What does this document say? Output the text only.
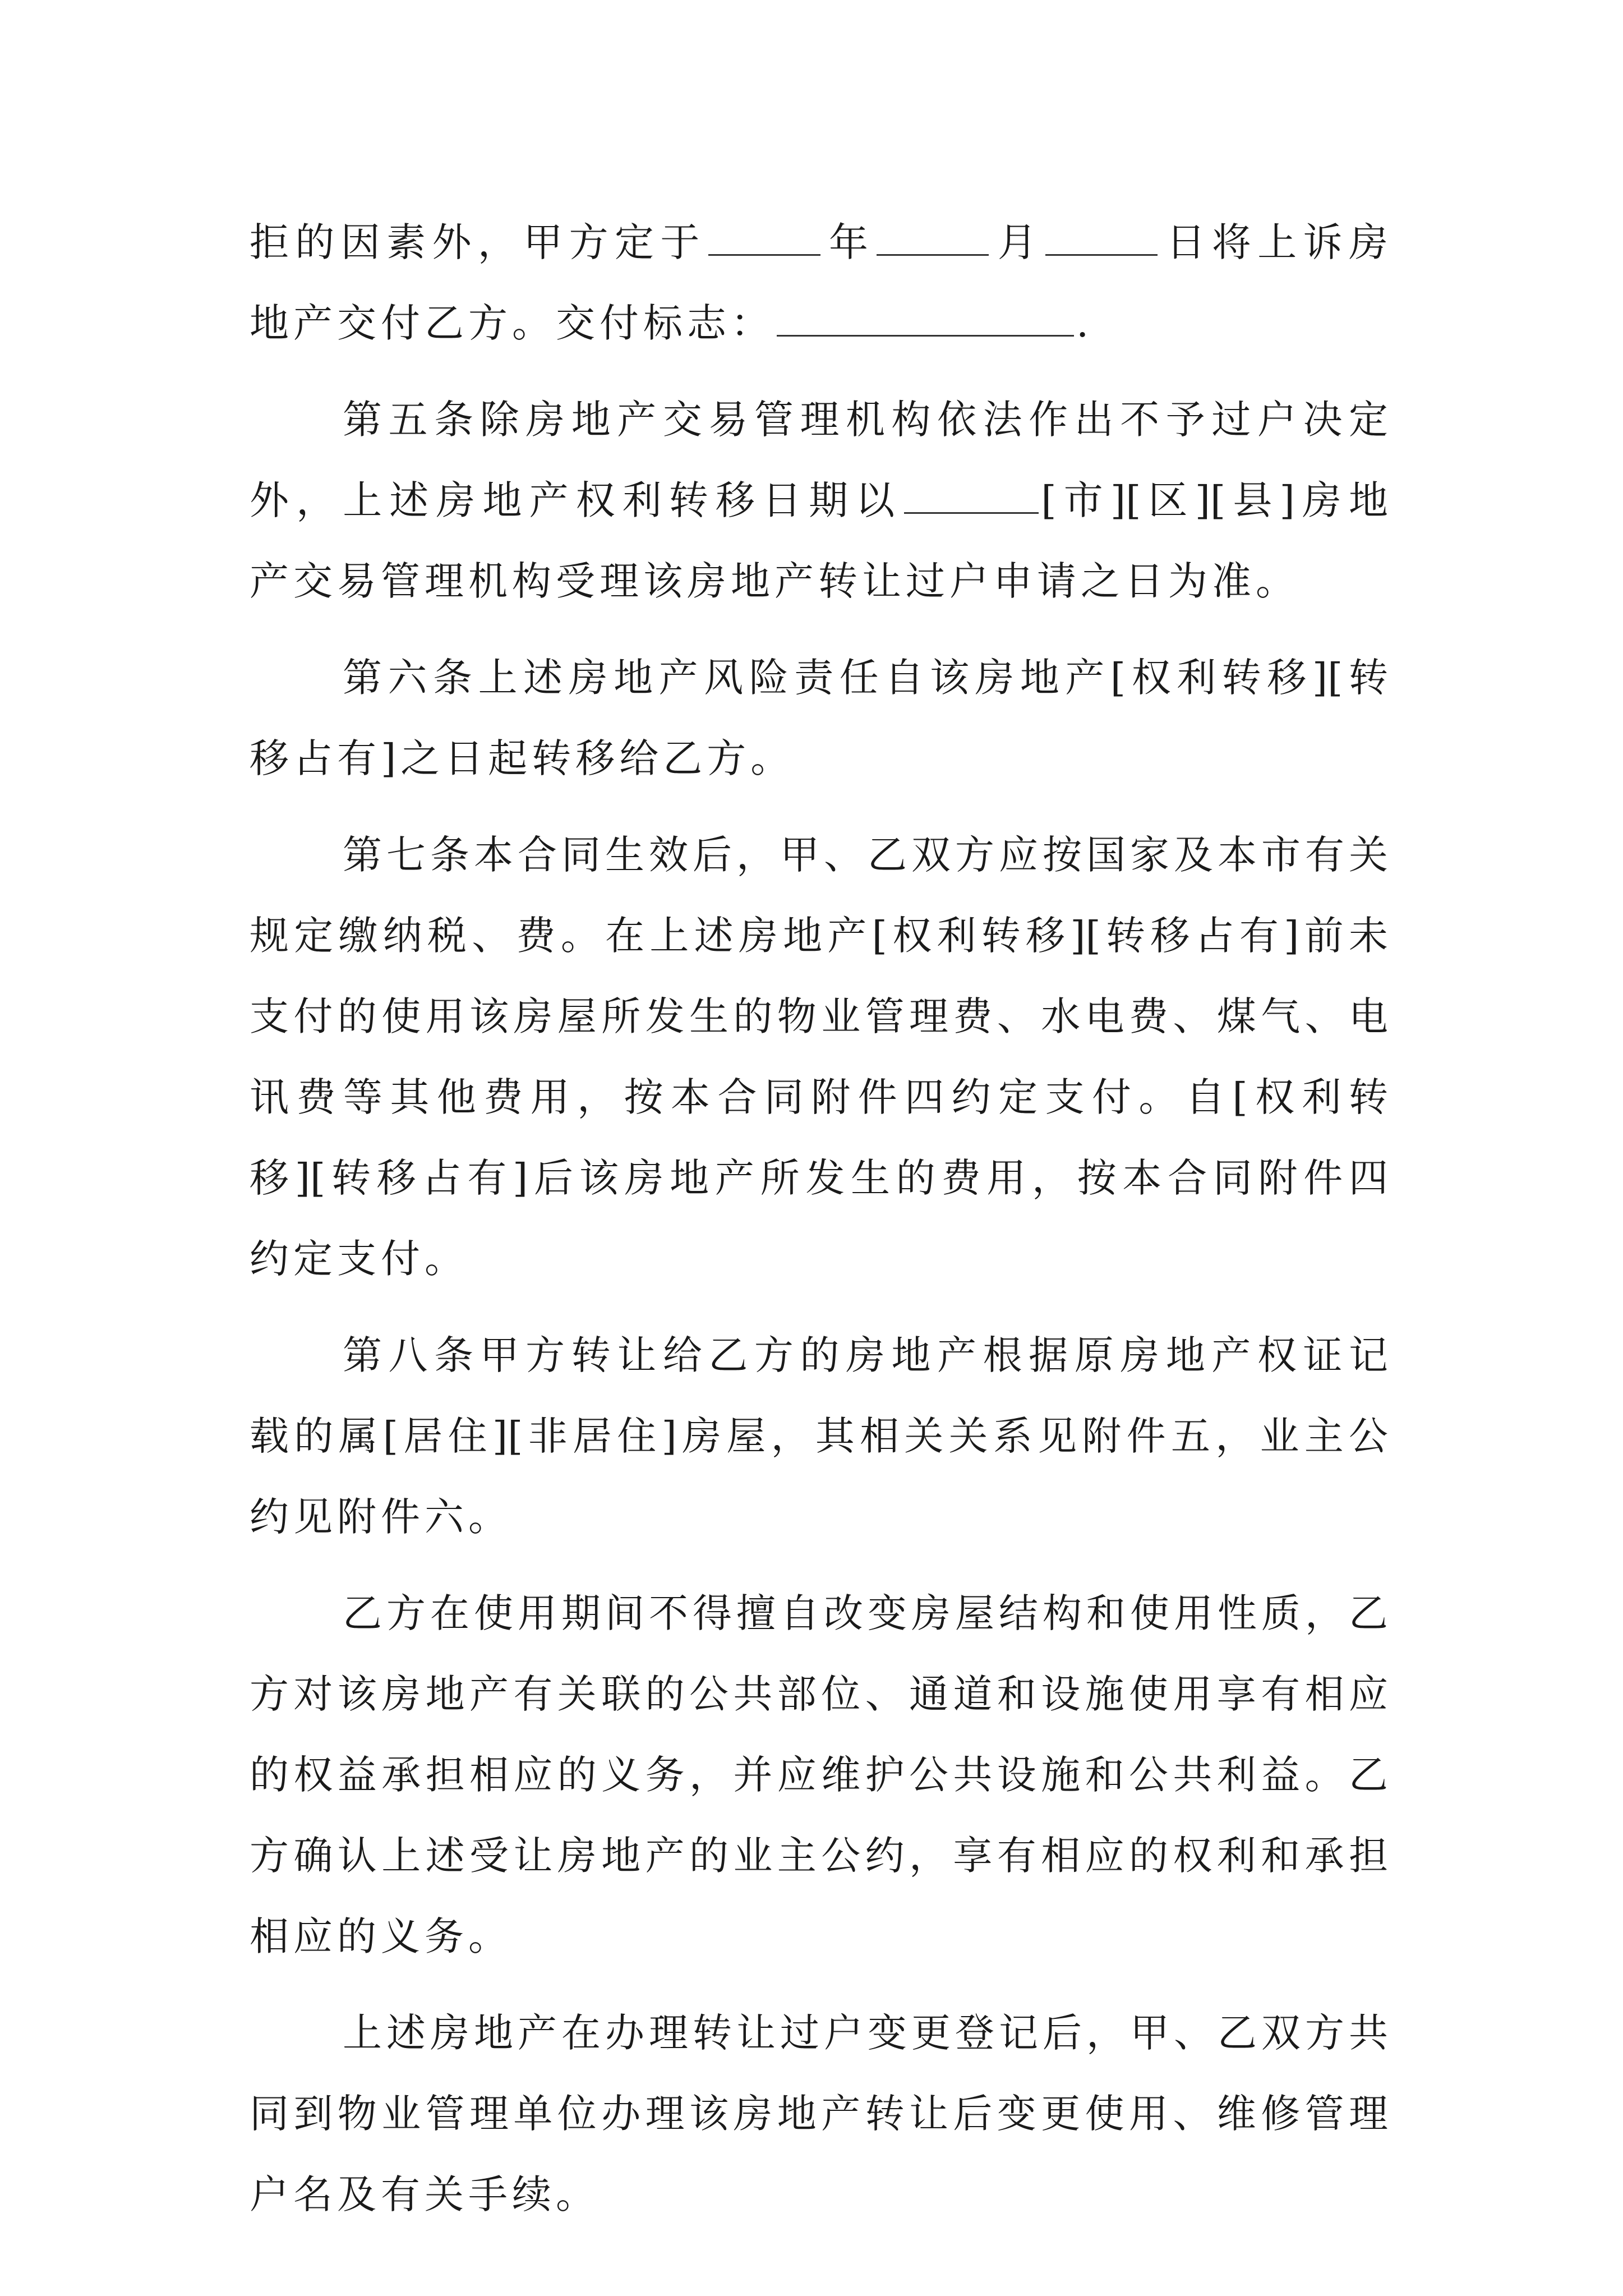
拒的因素外，甲方定于	年	月	日将上诉房
地产交付乙方。交付标志：	.
第五条除房地产交易管理机构依法作出不予过户决定
外，上述房地产权利转移日期以	[市][区][县]房地
产交易管理机构受理该房地产转让过户申请之日为准。
第六条上述房地产风险责任自该房地产[权利转移][转
移占有]之日起转移给乙方。
第七条本合同生效后，甲、乙双方应按国家及本市有关
规定缴纳税、费。在上述房地产[权利转移][转移占有]前未
支付的使用该房屋所发生的物业管理费、水电费、煤气、电
讯费等其他费用，按本合同附件四约定支付。自[权利转
移][转移占有]后该房地产所发生的费用，按本合同附件四
约定支付。
第八条甲方转让给乙方的房地产根据原房地产权证记
载的属[居住][非居住]房屋，其相关关系见附件五，业主公
约见附件六。
乙方在使用期间不得擅自改变房屋结构和使用性质，乙
方对该房地产有关联的公共部位、通道和设施使用享有相应
的权益承担相应的义务，并应维护公共设施和公共利益。乙
方确认上述受让房地产的业主公约，享有相应的权利和承担
相应的义务。
上述房地产在办理转让过户变更登记后，甲、乙双方共
同到物业管理单位办理该房地产转让后变更使用、维修管理
户名及有关手续。
